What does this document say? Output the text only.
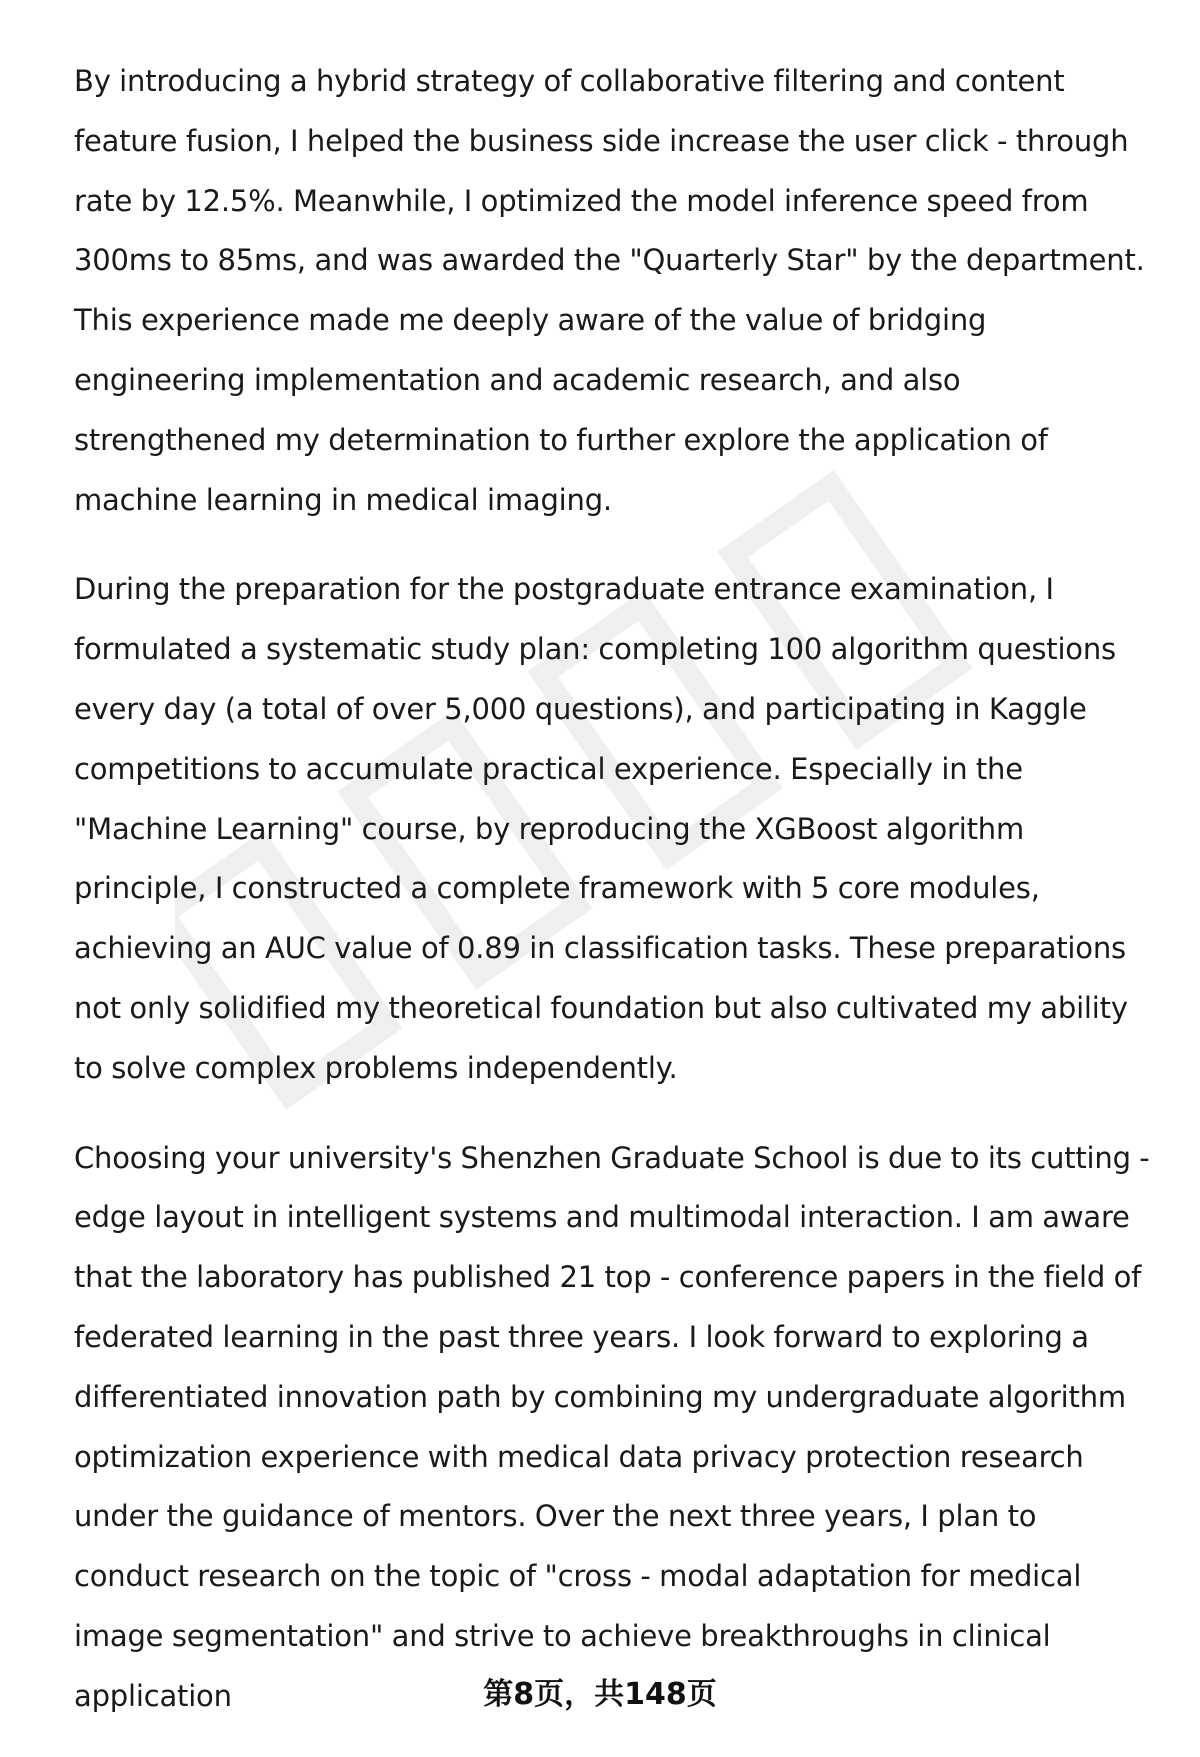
By introducing a hybrid strategy of collaborative filtering and content feature fusion, I helped the business side increase the user click - through rate by 12.5%. Meanwhile, I optimized the model inference speed from 300ms to 85ms, and was awarded the "Quarterly Star" by the department. This experience made me deeply aware of the value of bridging engineering implementation and academic research, and also strengthened my determination to further explore the application of machine learning in medical imaging.

During the preparation for the postgraduate entrance examination, I formulated a systematic study plan: completing 100 algorithm questions every day (a total of over 5,000 questions), and participating in Kaggle competitions to accumulate practical experience. Especially in the "Machine Learning" course, by reproducing the XGBoost algorithm principle, I constructed a complete framework with 5 core modules, achieving an AUC value of 0.89 in classification tasks. These preparations not only solidified my theoretical foundation but also cultivated my ability to solve complex problems independently.

Choosing your university's Shenzhen Graduate School is due to its cutting - edge layout in intelligent systems and multimodal interaction. I am aware that the laboratory has published 21 top - conference papers in the field of federated learning in the past three years. I look forward to exploring a differentiated innovation path by combining my undergraduate algorithm optimization experience with medical data privacy protection research under the guidance of mentors. Over the next three years, I plan to conduct research on the topic of "cross - modal adaptation for medical image segmentation" and strive to achieve breakthroughs in clinical application	第8页，共148页
